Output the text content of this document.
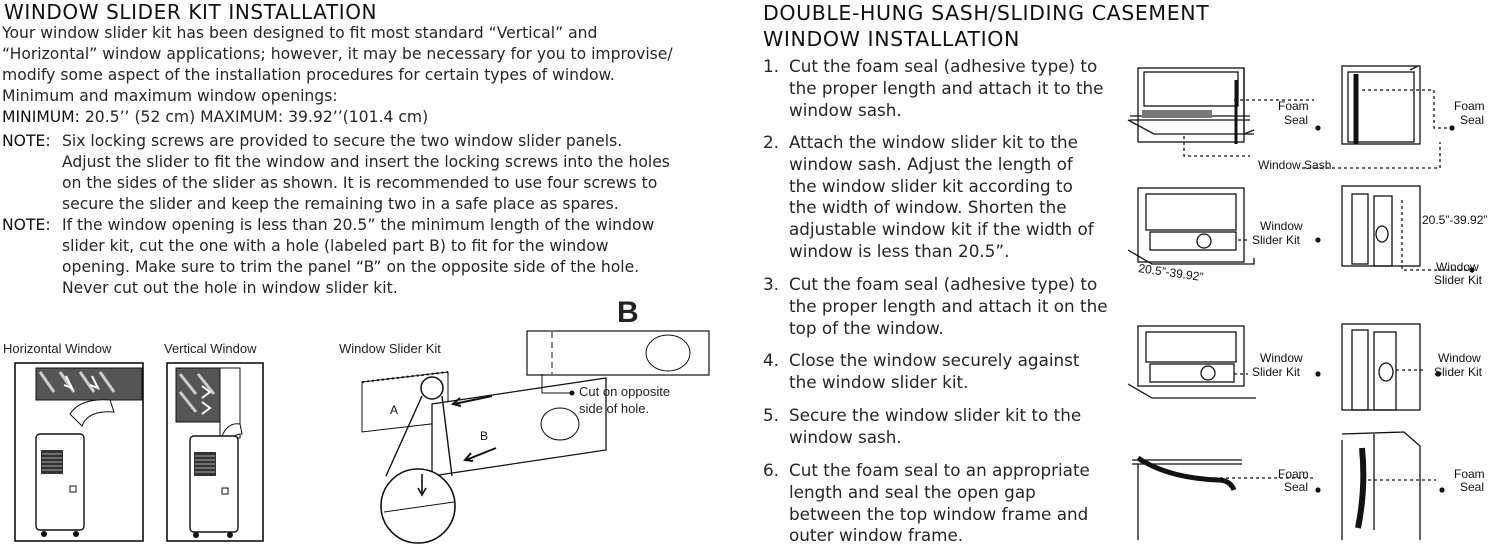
WINDOW SLIDER KIT INSTALLATION
Your window slider kit has been designed to fit most standard “Vertical” and
“Horizontal” window applications; however, it may be necessary for you to improvise/
modify some aspect of the installation procedures for certain types of window.
Minimum and maximum window openings:
MINIMUM: 20.5’’ (52 cm) MAXIMUM: 39.92’’(101.4 cm)
NOTE: Six locking screws are provided to secure the two window slider panels.
Adjust the slider to fit the window and insert the locking screws into the holes
on the sides of the slider as shown. It is recommended to use four screws to
secure the slider and keep the remaining two in a safe place as spares.
NOTE: If the window opening is less than 20.5” the minimum length of the window
slider kit, cut the one with a hole (labeled part B) to fit for the window
opening. Make sure to trim the panel “B” on the opposite side of the hole.
Never cut out the hole in window slider kit.
Horizontal Window	Vertical Window	Window Slider Kit
A
B
B
Cut on opposite
side of hole.
DOUBLE-HUNG SASH/SLIDING CASEMENT
WINDOW INSTALLATION
1. Cut the foam seal (adhesive type) to
the proper length and attach it to the
window sash.
2. Attach the window slider kit to the
window sash. Adjust the length of
the window slider kit according to
the width of window. Shorten the
adjustable window kit if the width of
window is less than 20.5”.
3. Cut the foam seal (adhesive type) to
the proper length and attach it on the
top of the window.
4. Close the window securely against
the window slider kit.
5. Secure the window slider kit to the
window sash.
6. Cut the foam seal to an appropriate
length and seal the open gap
between the top window frame and
outer window frame.
Foam
Seal
Foam
Seal
Window Sash
Window
Slider Kit
20.5”-39.92”
Window
Slider Kit
20.5”-39.92”
Window
Slider Kit
Window
Slider Kit
Foam
Seal
Foam
Seal
